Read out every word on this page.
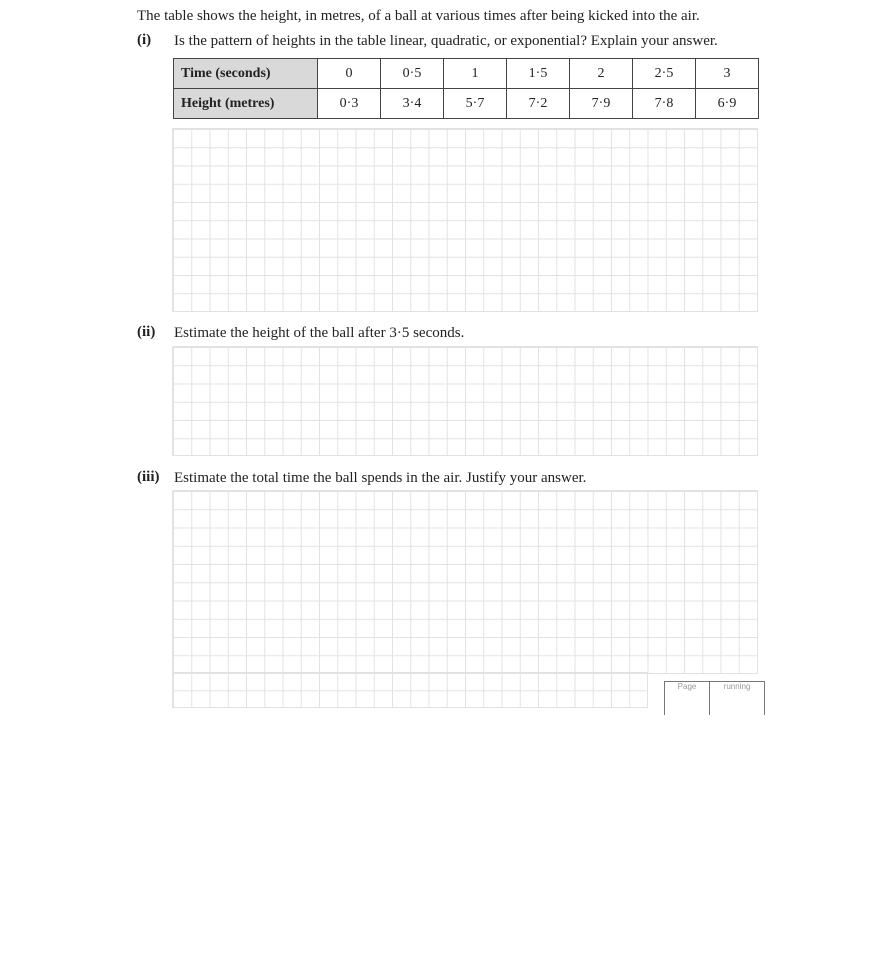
The table shows the height, in metres, of a ball at various times after being kicked into the air.
(i) Is the pattern of heights in the table linear, quadratic, or exponential? Explain your answer.
Time (seconds)	0	0·5	1	1·5	2	2·5	3
Height (metres)	0·3	3·4	5·7	7·2	7·9	7·8	6·9
(ii) Estimate the height of the ball after 3·5 seconds.
(iii) Estimate the total time the ball spends in the air. Justify your answer.
Page	running
